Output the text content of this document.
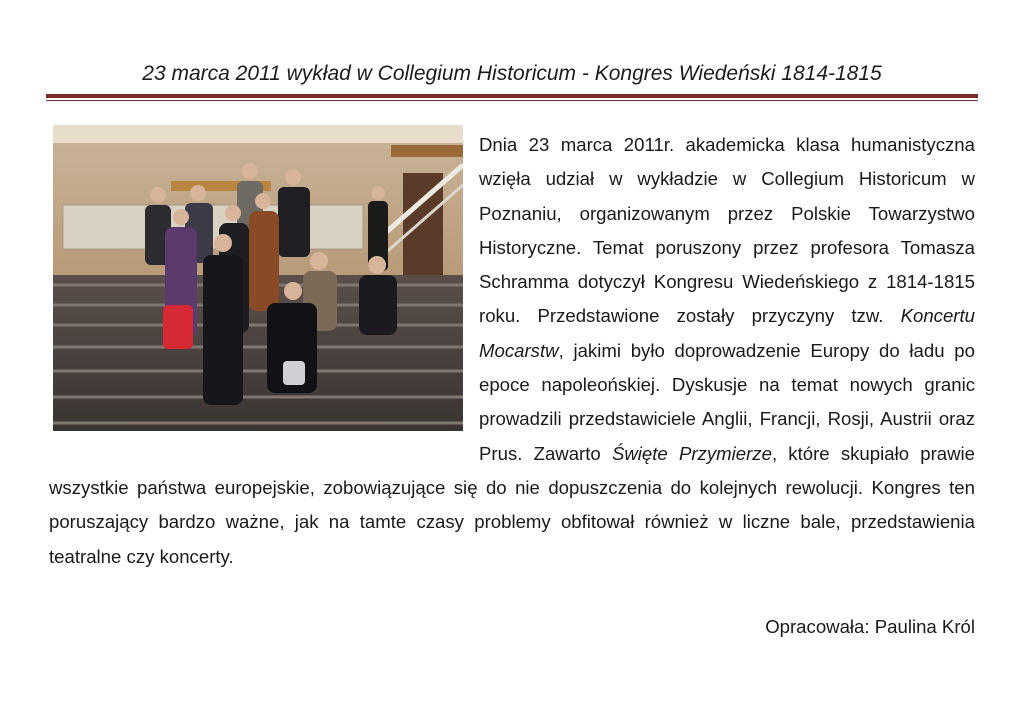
23 marca 2011 wykład w Collegium Historicum - Kongres Wiedeński 1814-1815
Dnia 23 marca 2011r. akademicka klasa humanistyczna wzięła udział w wykładzie w Collegium Historicum w Poznaniu, organizowanym przez Polskie Towarzystwo Historyczne. Temat poruszony przez profesora Tomasza Schramma dotyczył Kongresu Wiedeńskiego z 1814-1815 roku. Przedstawione zostały przyczyny tzw. Koncertu Mocarstw, jakimi było doprowadzenie Europy do ładu po epoce napoleońskiej. Dyskusje na temat nowych granic prowadzili przedstawiciele Anglii, Francji, Rosji, Austrii oraz Prus. Zawarto Święte Przymierze, które skupiało prawie wszystkie państwa europejskie, zobowiązujące się do nie dopuszczenia do kolejnych rewolucji. Kongres ten poruszający bardzo ważne, jak na tamte czasy problemy obfitował również w liczne bale, przedstawienia teatralne czy koncerty.
Opracowała: Paulina Król
